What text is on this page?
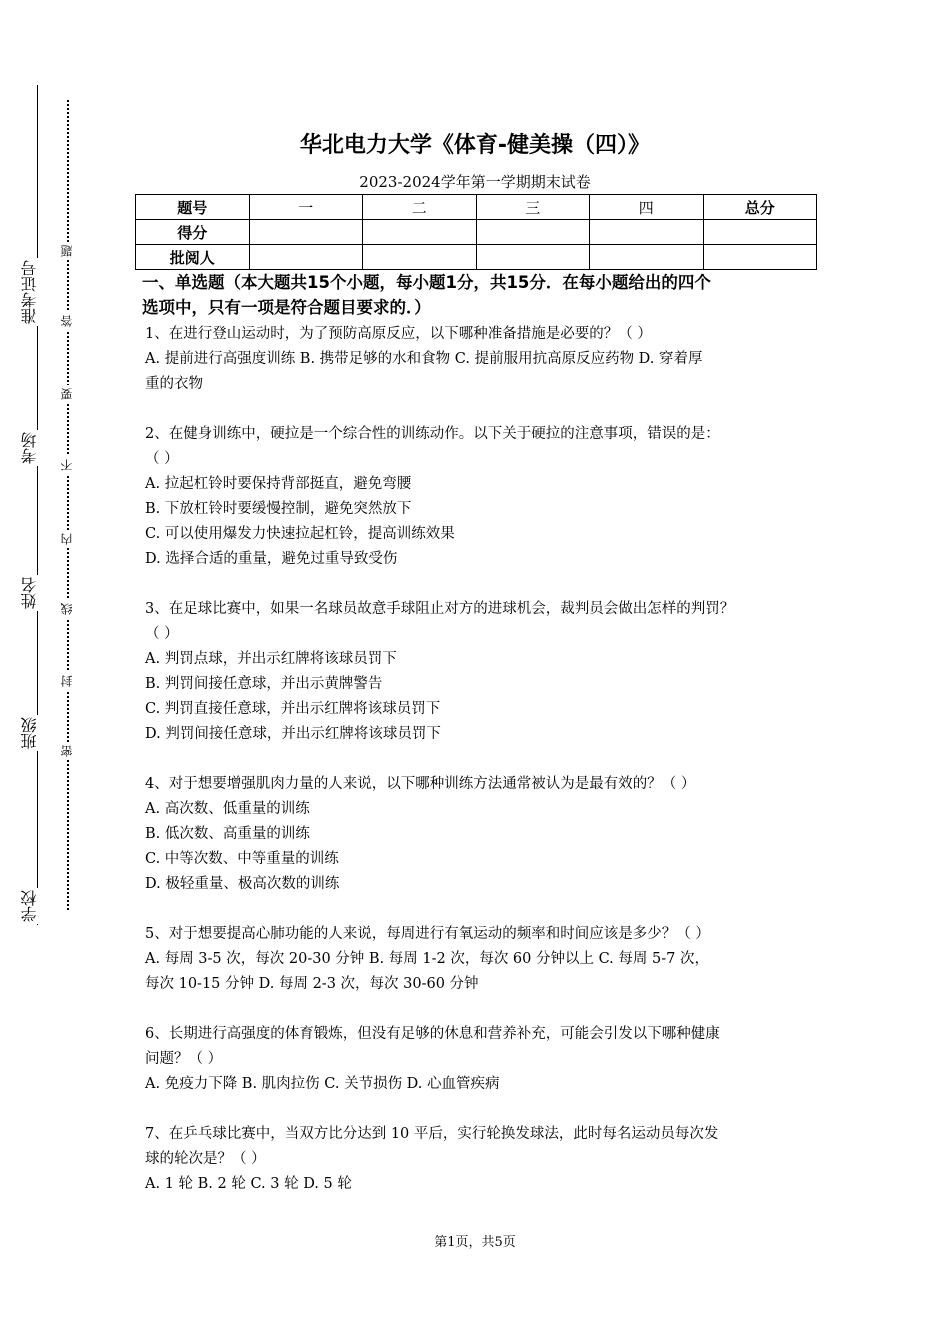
准考证号
考场
姓名
班级
学校
题
答
要
不
内
线
封
密
华北电力大学《体育-健美操（四）》
2023-2024学年第一学期期末试卷
题号	一	二	三	四	总分
得分					
批阅人					
一、单选题（本大题共15个小题，每小题1分，共15分．在每小题给出的四个
选项中，只有一项是符合题目要求的．）
1、在进行登山运动时，为了预防高原反应，以下哪种准备措施是必要的？（ ）
A. 提前进行高强度训练 B. 携带足够的水和食物 C. 提前服用抗高原反应药物 D. 穿着厚
重的衣物
2、在健身训练中，硬拉是一个综合性的训练动作。以下关于硬拉的注意事项，错误的是：
（ ）
A. 拉起杠铃时要保持背部挺直，避免弯腰
B. 下放杠铃时要缓慢控制，避免突然放下
C. 可以使用爆发力快速拉起杠铃，提高训练效果
D. 选择合适的重量，避免过重导致受伤
3、在足球比赛中，如果一名球员故意手球阻止对方的进球机会，裁判员会做出怎样的判罚？
（ ）
A. 判罚点球，并出示红牌将该球员罚下
B. 判罚间接任意球，并出示黄牌警告
C. 判罚直接任意球，并出示红牌将该球员罚下
D. 判罚间接任意球，并出示红牌将该球员罚下
4、对于想要增强肌肉力量的人来说，以下哪种训练方法通常被认为是最有效的？（ ）
A. 高次数、低重量的训练
B. 低次数、高重量的训练
C. 中等次数、中等重量的训练
D. 极轻重量、极高次数的训练
5、对于想要提高心肺功能的人来说，每周进行有氧运动的频率和时间应该是多少？（ ）
A. 每周 3-5 次，每次 20-30 分钟 B. 每周 1-2 次，每次 60 分钟以上 C. 每周 5-7 次，
每次 10-15 分钟 D. 每周 2-3 次，每次 30-60 分钟
6、长期进行高强度的体育锻炼，但没有足够的休息和营养补充，可能会引发以下哪种健康
问题？（ ）
A. 免疫力下降 B. 肌肉拉伤 C. 关节损伤 D. 心血管疾病
7、在乒乓球比赛中，当双方比分达到 10 平后，实行轮换发球法，此时每名运动员每次发
球的轮次是？（ ）
A. 1 轮 B. 2 轮 C. 3 轮 D. 5 轮
第1页，共5页
